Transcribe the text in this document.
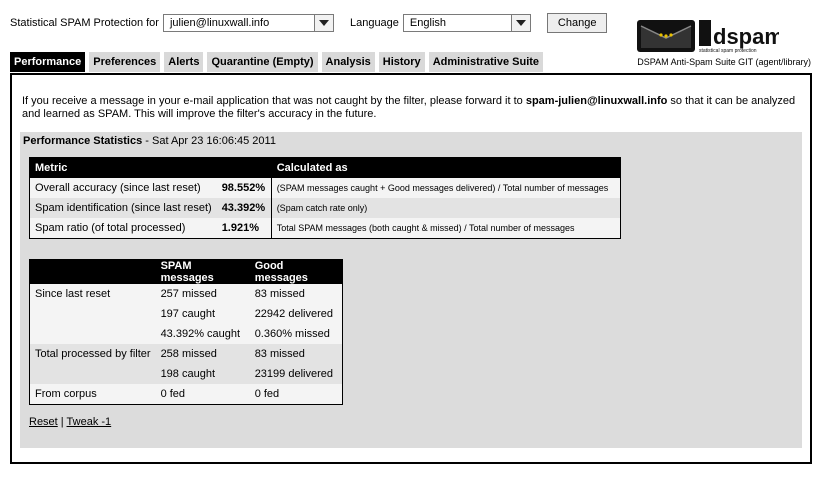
Statistical SPAM Protection for	julien@linuxwall.info	Language	English	Change
dspam
statistical spam protection
DSPAM Anti-Spam Suite GIT (agent/library)
Performance	Preferences	Alerts	Quarantine (Empty)	Analysis	History	Administrative Suite
If you receive a message in your e-mail application that was not caught by the filter, please forward it to spam-julien@linuxwall.info so that it can be analyzed and learned as SPAM. This will improve the filter's accuracy in the future.
Performance Statistics - Sat Apr 23 16:06:45 2011
Metric		Calculated as
Overall accuracy (since last reset)	98.552%	(SPAM messages caught + Good messages delivered) / Total number of messages
Spam identification (since last reset)	43.392%	(Spam catch rate only)
Spam ratio (of total processed)	1.921%	Total SPAM messages (both caught & missed) / Total number of messages
	SPAM messages	Good messages
Since last reset	257 missed	83 missed
	197 caught	22942 delivered
	43.392% caught	0.360% missed
Total processed by filter	258 missed	83 missed
	198 caught	23199 delivered
From corpus	0 fed	0 fed
Reset | Tweak -1
